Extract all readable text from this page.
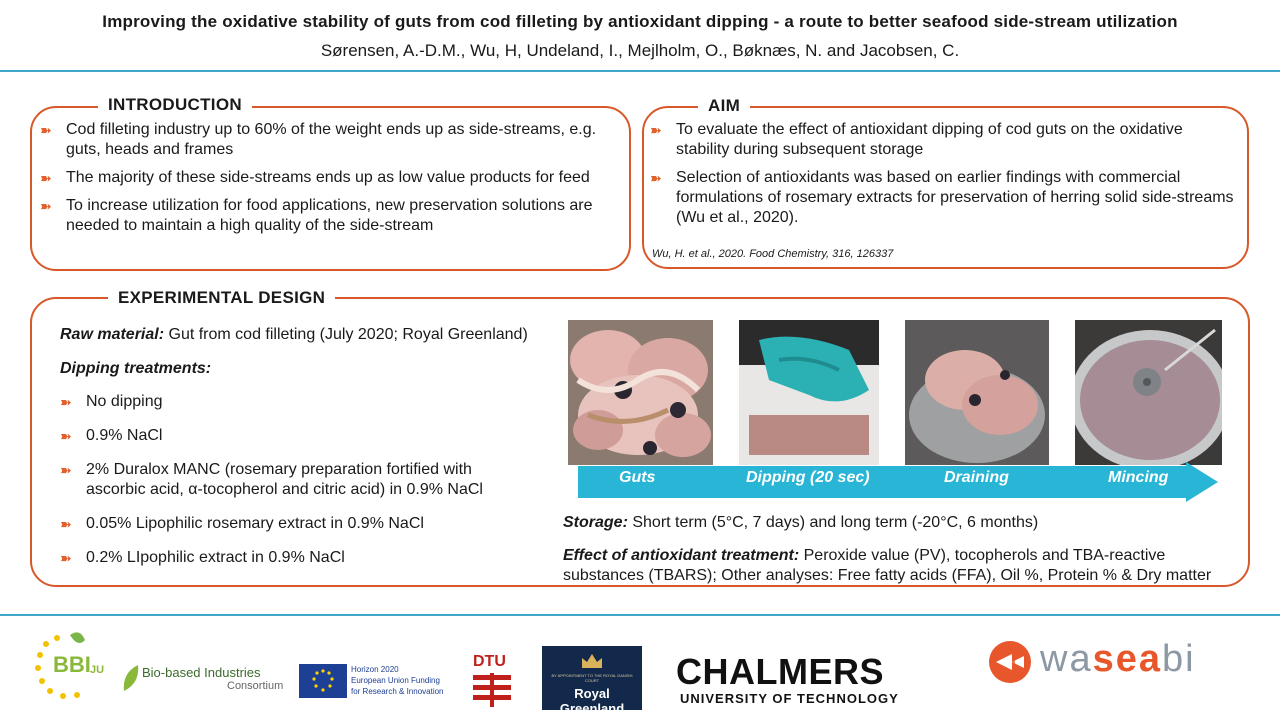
Improving the oxidative stability of guts from cod filleting by antioxidant dipping - a route to better seafood side-stream utilization
Sørensen, A.-D.M., Wu, H, Undeland, I., Mejlholm, O., Bøknæs, N. and Jacobsen, C.
INTRODUCTION
➽ Cod filleting industry up to 60% of the weight ends up as side-streams, e.g. guts, heads and frames
➽ The majority of these side-streams ends up as low value products for feed
➽ To increase utilization for food applications, new preservation solutions are needed to maintain a high quality of the side-stream
AIM
➽ To evaluate the effect of antioxidant dipping of cod guts on the oxidative stability during subsequent storage
➽ Selection of antioxidants was based on earlier findings with commercial formulations of rosemary extracts for preservation of herring solid side-streams (Wu et al., 2020).
Wu, H. et al., 2020. Food Chemistry, 316, 126337
EXPERIMENTAL DESIGN
Raw material: Gut from cod filleting (July 2020; Royal Greenland)
Dipping treatments:
➽ No dipping
➽ 0.9% NaCl
➽ 2% Duralox MANC (rosemary preparation fortified with ascorbic acid, α-tocopherol and citric acid) in 0.9% NaCl
➽ 0.05% Lipophilic rosemary extract in 0.9% NaCl
➽ 0.2% LIpophilic extract in 0.9% NaCl
Guts	Dipping (20 sec)	Draining	Mincing
Storage: Short term (5°C, 7 days) and long term (-20°C, 6 months)
Effect of antioxidant treatment: Peroxide value (PV), tocopherols and TBA-reactive substances (TBARS); Other analyses: Free fatty acids (FFA), Oil %, Protein % & Dry matter
BBI JU	Bio-based Industries
Consortium
Horizon 2020
European Union Funding
for Research & Innovation
DTU
BY APPOINTMENT TO THE ROYAL DANISH COURT
Royal Greenland
CHALMERS
UNIVERSITY OF TECHNOLOGY
waseabi
